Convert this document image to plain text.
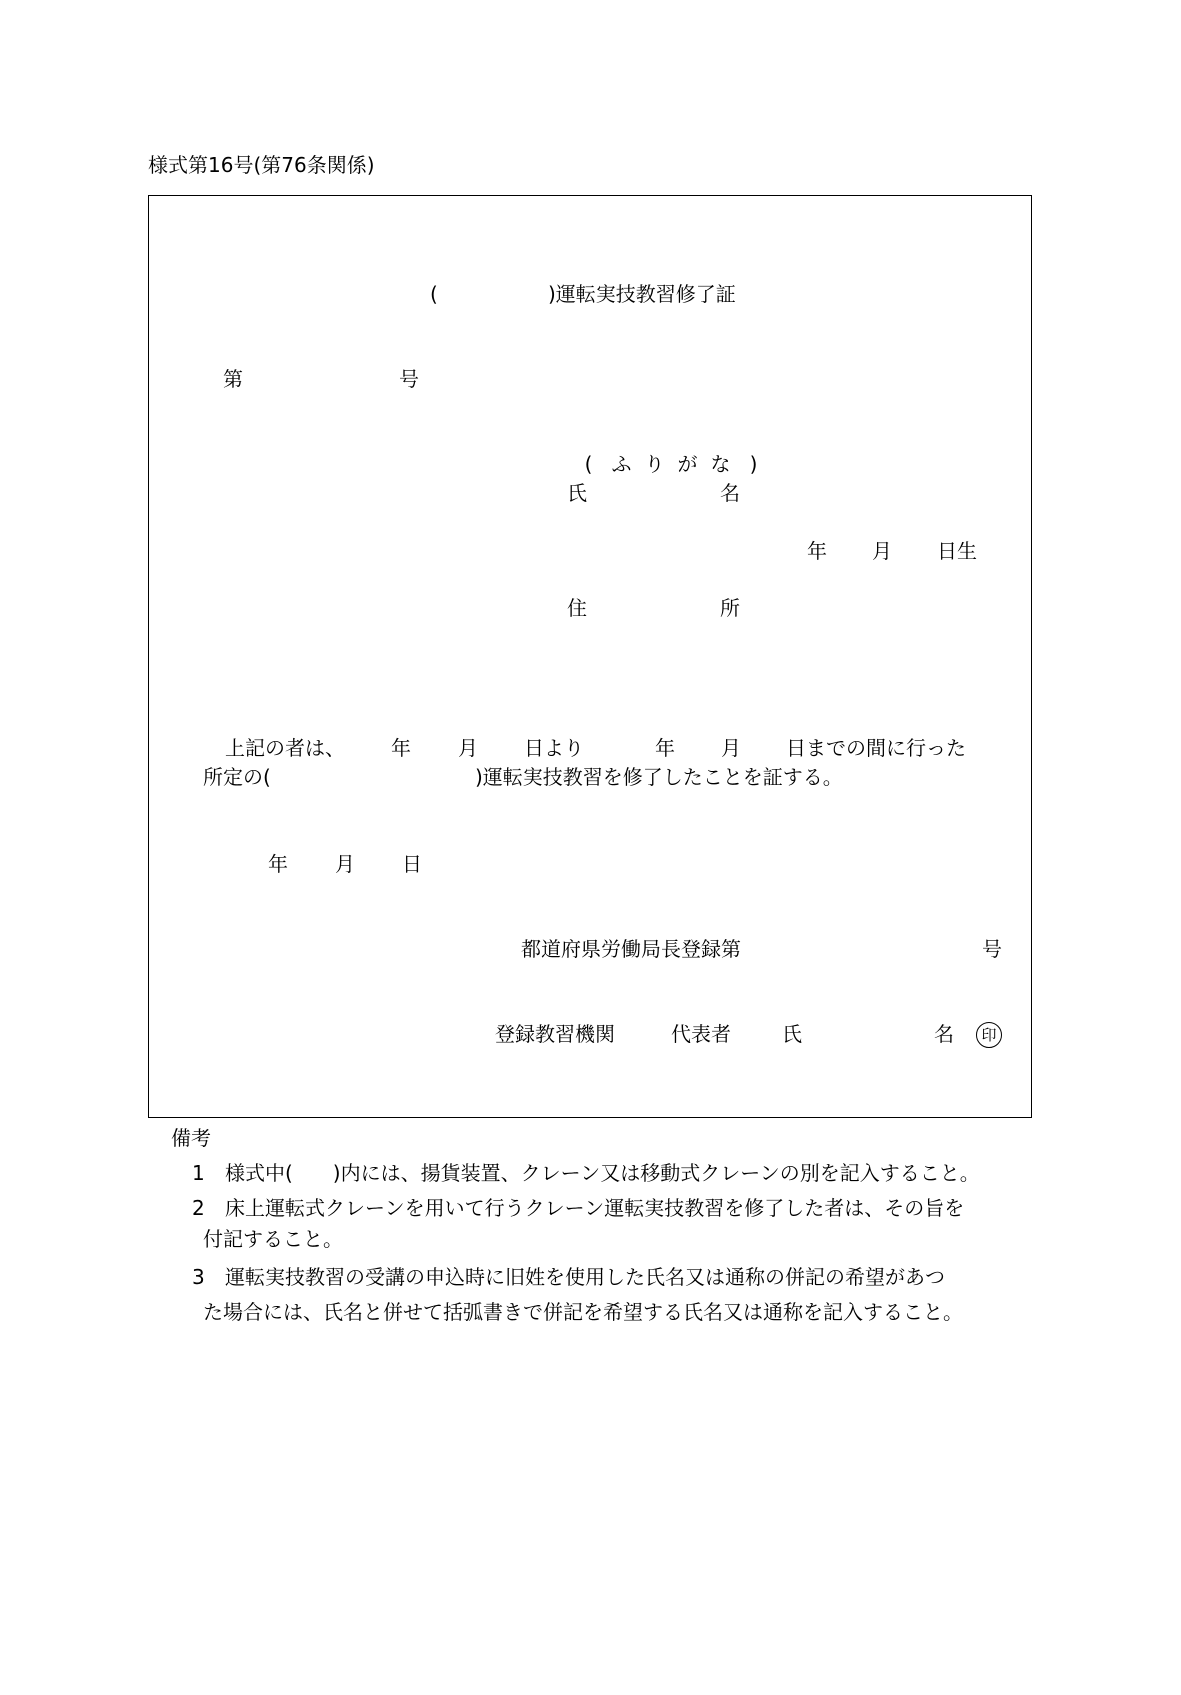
様式第16号(第76条関係)
(	)運転実技教習修了証
第	号
( ふ り が な )
氏	名
年 月 日生
住	所
上記の者は、 年 月 日より	年 月 日までの間に行った
所定の(	)運転実技教習を修了したことを証する。
年 月 日
都道府県労働局長登録第	号
登録教習機関	代表者	氏	名	印
備考
1 様式中(　　)内には、揚貨装置、クレーン又は移動式クレーンの別を記入すること。
2 床上運転式クレーンを用いて行うクレーン運転実技教習を修了した者は、その旨を
付記すること。
3 運転実技教習の受講の申込時に旧姓を使用した氏名又は通称の併記の希望があつ
た場合には、氏名と併せて括弧書きで併記を希望する氏名又は通称を記入すること。
